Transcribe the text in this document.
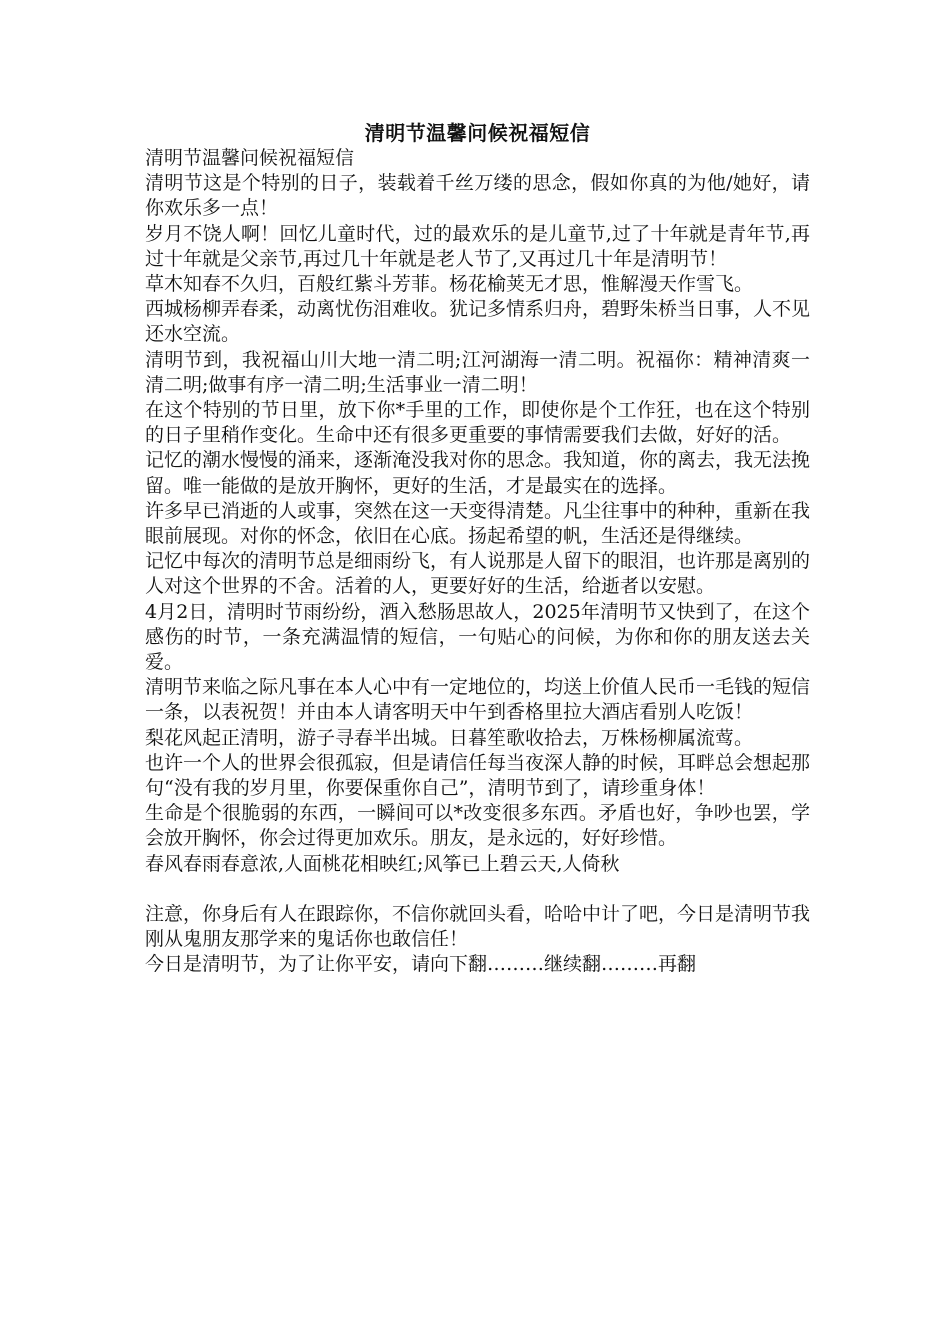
清明节温馨问候祝福短信

清明节温馨问候祝福短信

清明节这是个特别的日子，装载着千丝万缕的思念，假如你真的为他/她好，请你欢乐多一点！

岁月不饶人啊！回忆儿童时代，过的最欢乐的是儿童节,过了十年就是青年节,再过十年就是父亲节,再过几十年就是老人节了,又再过几十年是清明节！

草木知春不久归，百般红紫斗芳菲。杨花榆荚无才思，惟解漫天作雪飞。

西城杨柳弄春柔，动离忧伤泪难收。犹记多情系归舟，碧野朱桥当日事，人不见还水空流。

清明节到，我祝福山川大地一清二明;江河湖海一清二明。祝福你：精神清爽一清二明;做事有序一清二明;生活事业一清二明！

在这个特别的节日里，放下你*手里的工作，即使你是个工作狂，也在这个特别的日子里稍作变化。生命中还有很多更重要的事情需要我们去做，好好的活。

记忆的潮水慢慢的涌来，逐渐淹没我对你的思念。我知道，你的离去，我无法挽留。唯一能做的是放开胸怀，更好的生活，才是最实在的选择。

许多早已消逝的人或事，突然在这一天变得清楚。凡尘往事中的种种，重新在我眼前展现。对你的怀念，依旧在心底。扬起希望的帆，生活还是得继续。

记忆中每次的清明节总是细雨纷飞，有人说那是人留下的眼泪，也许那是离别的人对这个世界的不舍。活着的人，更要好好的生活，给逝者以安慰。

4月2日，清明时节雨纷纷，酒入愁肠思故人，2025年清明节又快到了，在这个感伤的时节，一条充满温情的短信，一句贴心的问候，为你和你的朋友送去关爱。

清明节来临之际凡事在本人心中有一定地位的，均送上价值人民币一毛钱的短信一条，以表祝贺！并由本人请客明天中午到香格里拉大酒店看别人吃饭！

梨花风起正清明，游子寻春半出城。日暮笙歌收拾去，万株杨柳属流莺。

也许一个人的世界会很孤寂，但是请信任每当夜深人静的时候，耳畔总会想起那句“没有我的岁月里，你要保重你自己”，清明节到了，请珍重身体！

生命是个很脆弱的东西，一瞬间可以*改变很多东西。矛盾也好，争吵也罢，学会放开胸怀，你会过得更加欢乐。朋友，是永远的，好好珍惜。

春风春雨春意浓,人面桃花相映红;风筝已上碧云天,人倚秋

注意，你身后有人在跟踪你，不信你就回头看，哈哈中计了吧，今日是清明节我刚从鬼朋友那学来的鬼话你也敢信任！

今日是清明节，为了让你平安，请向下翻………继续翻………再翻
